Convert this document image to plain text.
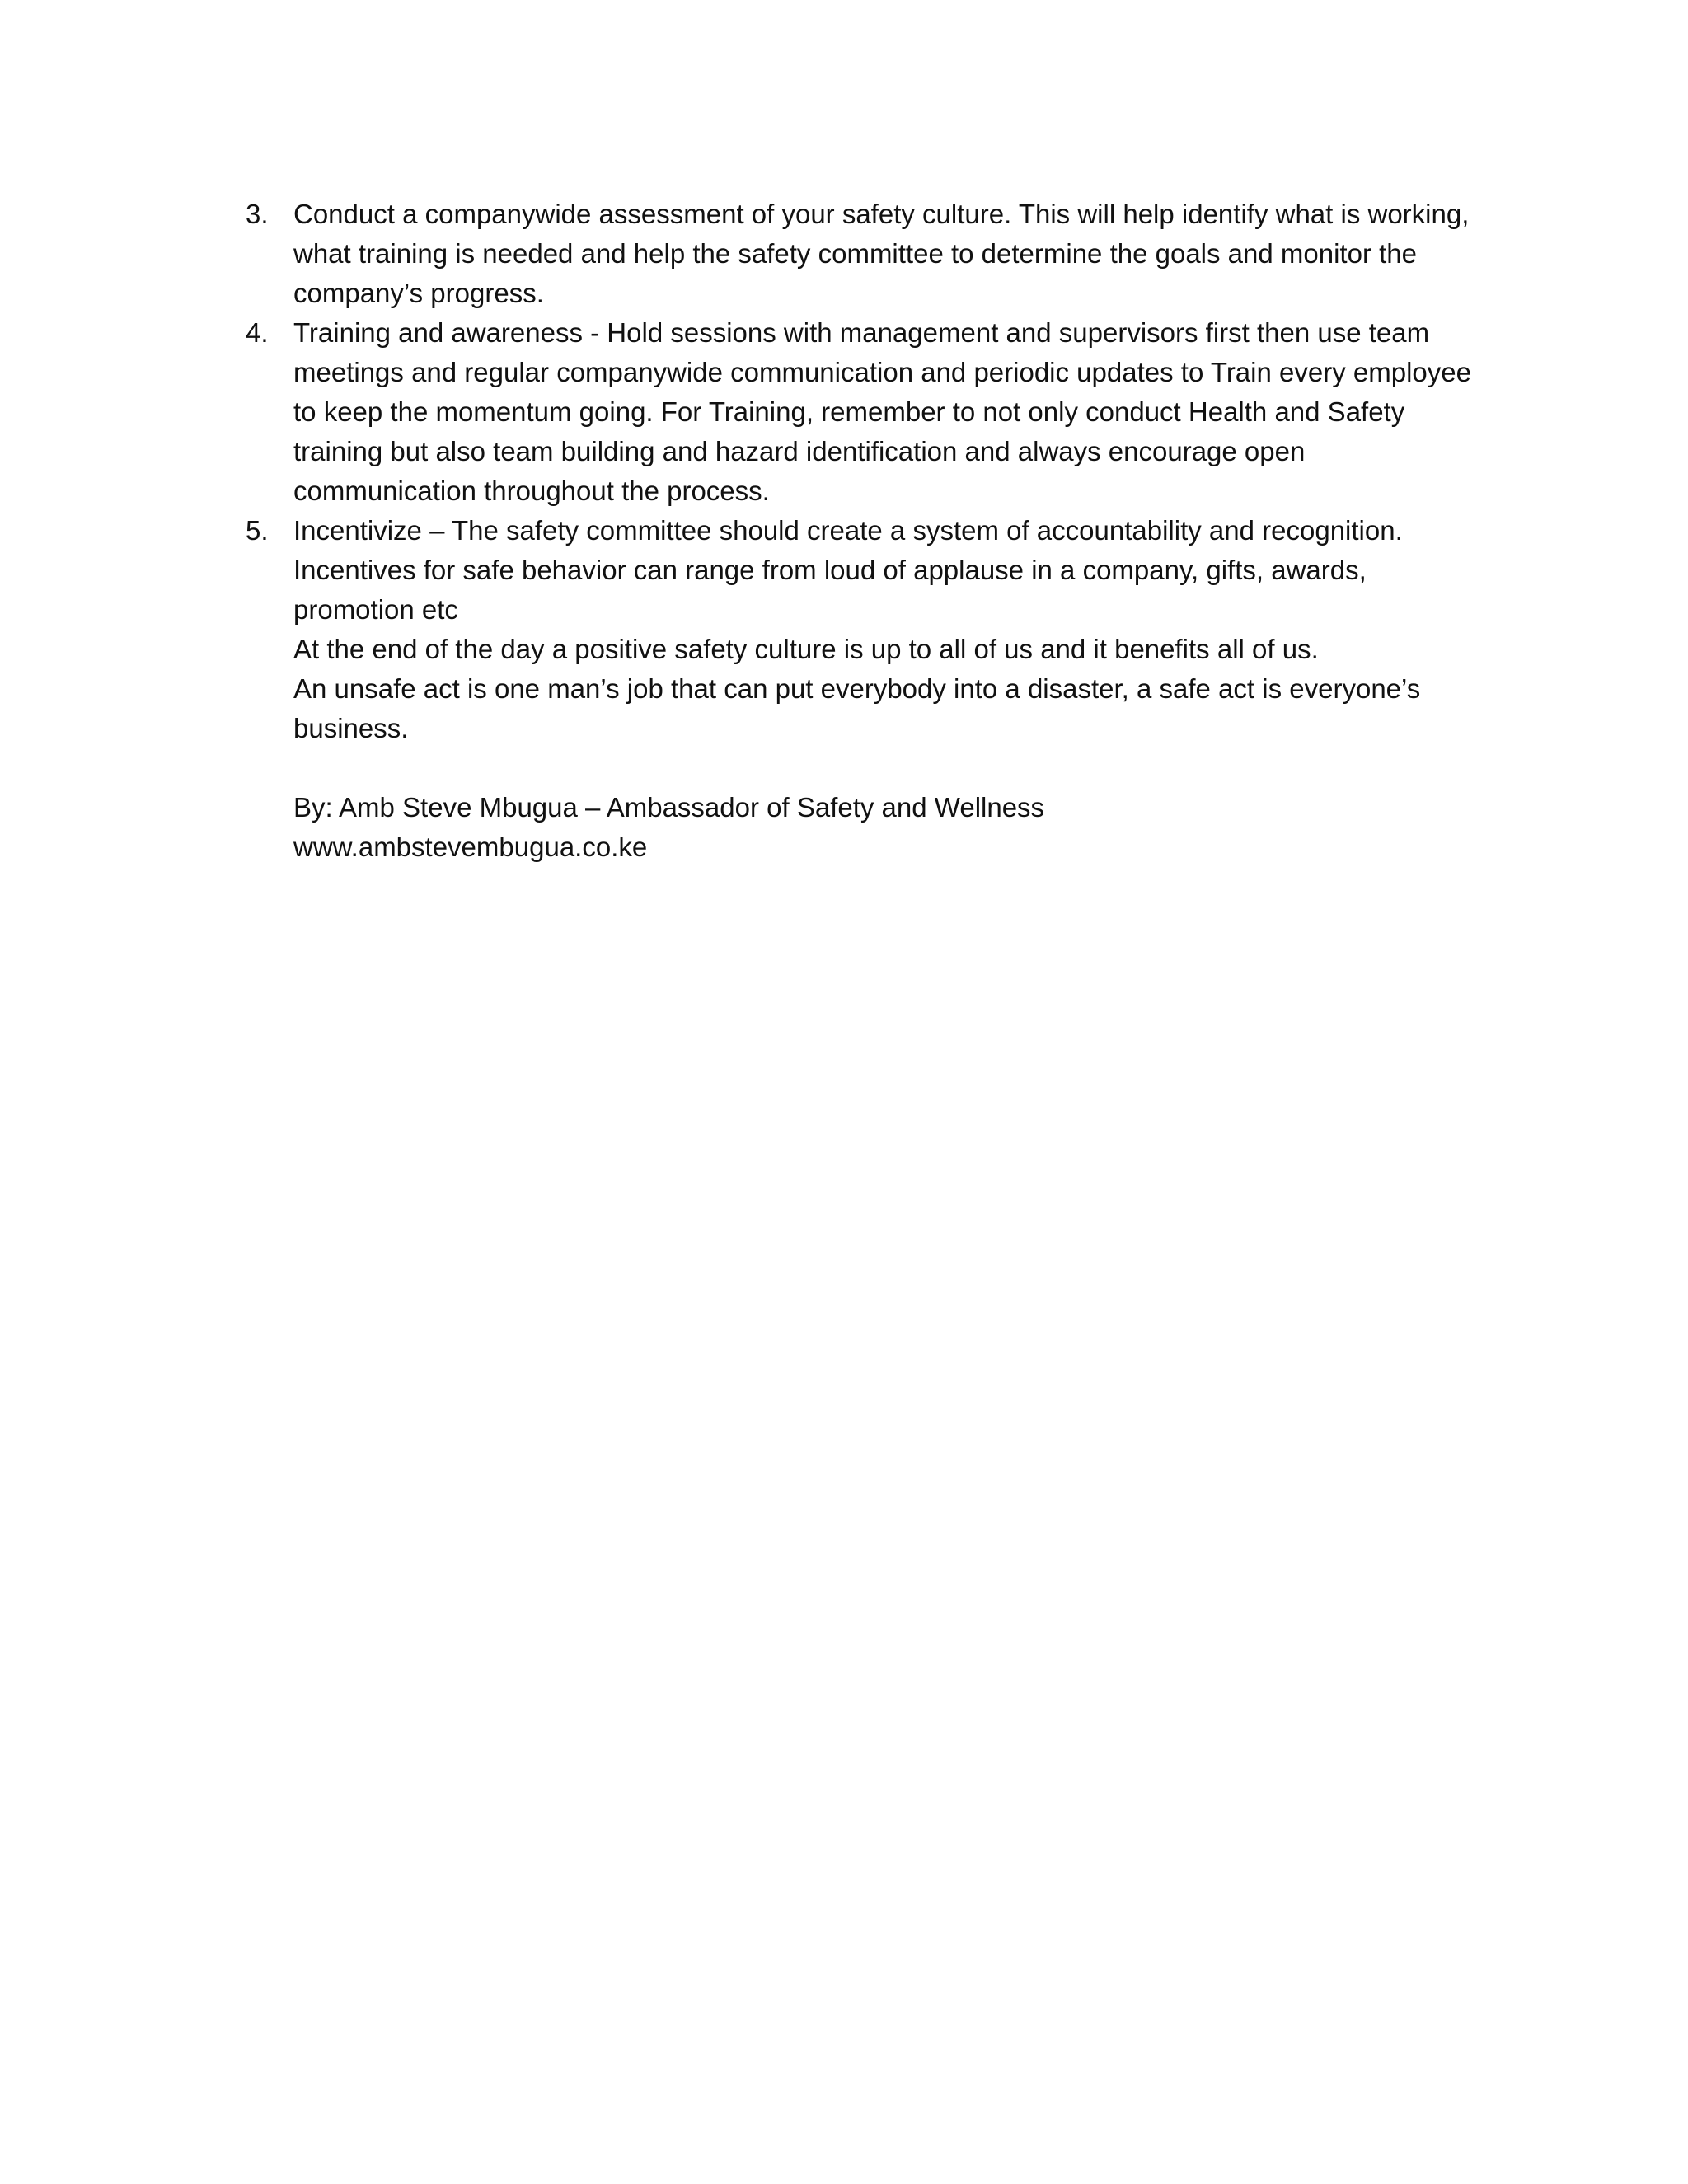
3. Conduct a companywide assessment of your safety culture. This will help identify what is working, what training is needed and help the safety committee to determine the goals and monitor the company’s progress.
4. Training and awareness - Hold sessions with management and supervisors first then use team meetings and regular companywide communication and periodic updates to Train every employee to keep the momentum going. For Training, remember to not only conduct Health and Safety training but also team building and hazard identification and always encourage open communication throughout the process.
5. Incentivize – The safety committee should create a system of accountability and recognition. Incentives for safe behavior can range from loud of applause in a company, gifts, awards, promotion etc
At the end of the day a positive safety culture is up to all of us and it benefits all of us.
An unsafe act is one man’s job that can put everybody into a disaster, a safe act is everyone’s business.
By: Amb Steve Mbugua – Ambassador of Safety and Wellness
www.ambstevembugua.co.ke
